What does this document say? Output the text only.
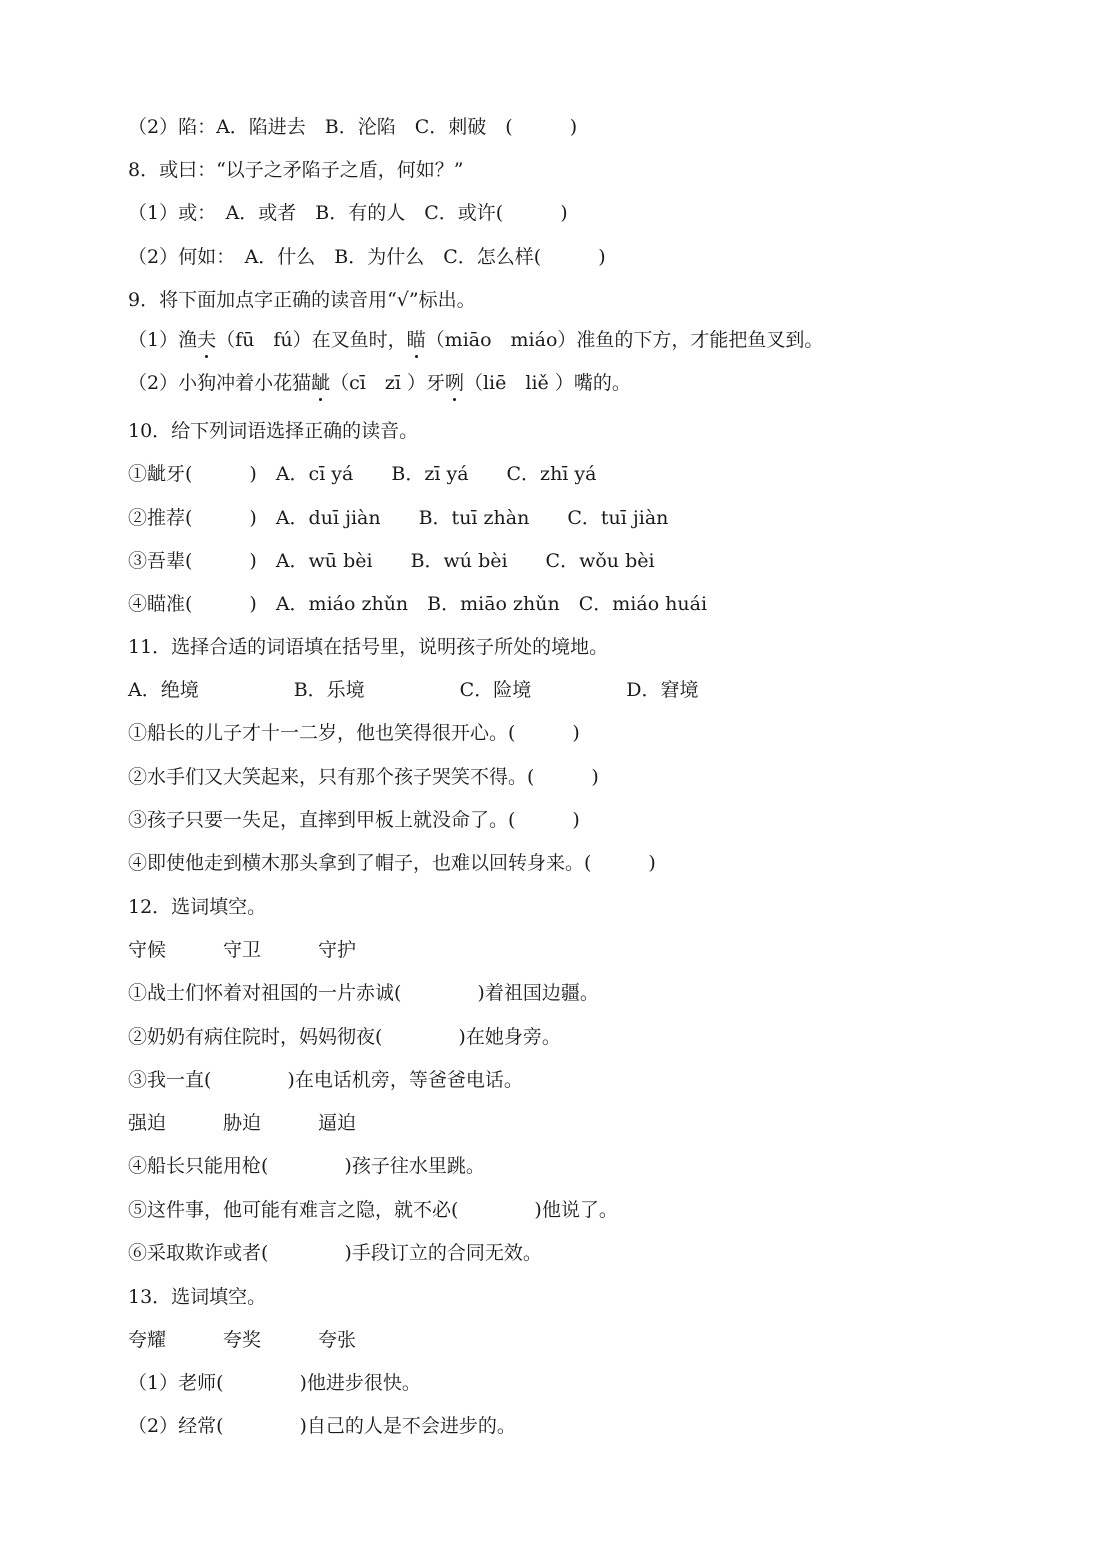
（2）陷：A．陷进去　B．沦陷　C．刺破　(　　　)
8．或曰：“以子之矛陷子之盾，何如？”
（1）或：　A．或者　B．有的人　C．或许(　　　)
（2）何如：　A．什么　B．为什么　C．怎么样(　　　)
9．将下面加点字正确的读音用“√”标出。
（1）渔夫（fū　fú）在叉鱼时，瞄（miāo　miáo）准鱼的下方，才能把鱼叉到。
（2）小狗冲着小花猫龇（cī　zī ）牙咧（liē　liě ）嘴的。
10．给下列词语选择正确的读音。
①龇牙(　　　)　A．cī yá　　B．zī yá　　C．zhī yá
②推荐(　　　)　A．duī jiàn　　B．tuī zhàn　　C．tuī jiàn
③吾辈(　　　)　A．wū bèi　　B．wú bèi　　C．wǒu bèi
④瞄准(　　　)　A．miáo zhǔn　B．miāo zhǔn　C．miáo huái
11．选择合适的词语填在括号里，说明孩子所处的境地。
A．绝境　　　　　B．乐境　　　　　C．险境　　　　　D．窘境
①船长的儿子才十一二岁，他也笑得很开心。(　　　)
②水手们又大笑起来，只有那个孩子哭笑不得。(　　　)
③孩子只要一失足，直摔到甲板上就没命了。(　　　)
④即使他走到横木那头拿到了帽子，也难以回转身来。(　　　)
12．选词填空。
守候　　　守卫　　　守护
①战士们怀着对祖国的一片赤诚(　　　　)着祖国边疆。
②奶奶有病住院时，妈妈彻夜(　　　　)在她身旁。
③我一直(　　　　)在电话机旁，等爸爸电话。
强迫　　　胁迫　　　逼迫
④船长只能用枪(　　　　)孩子往水里跳。
⑤这件事，他可能有难言之隐，就不必(　　　　)他说了。
⑥采取欺诈或者(　　　　)手段订立的合同无效。
13．选词填空。
夸耀　　　夸奖　　　夸张
（1）老师(　　　　)他进步很快。
（2）经常(　　　　)自己的人是不会进步的。
